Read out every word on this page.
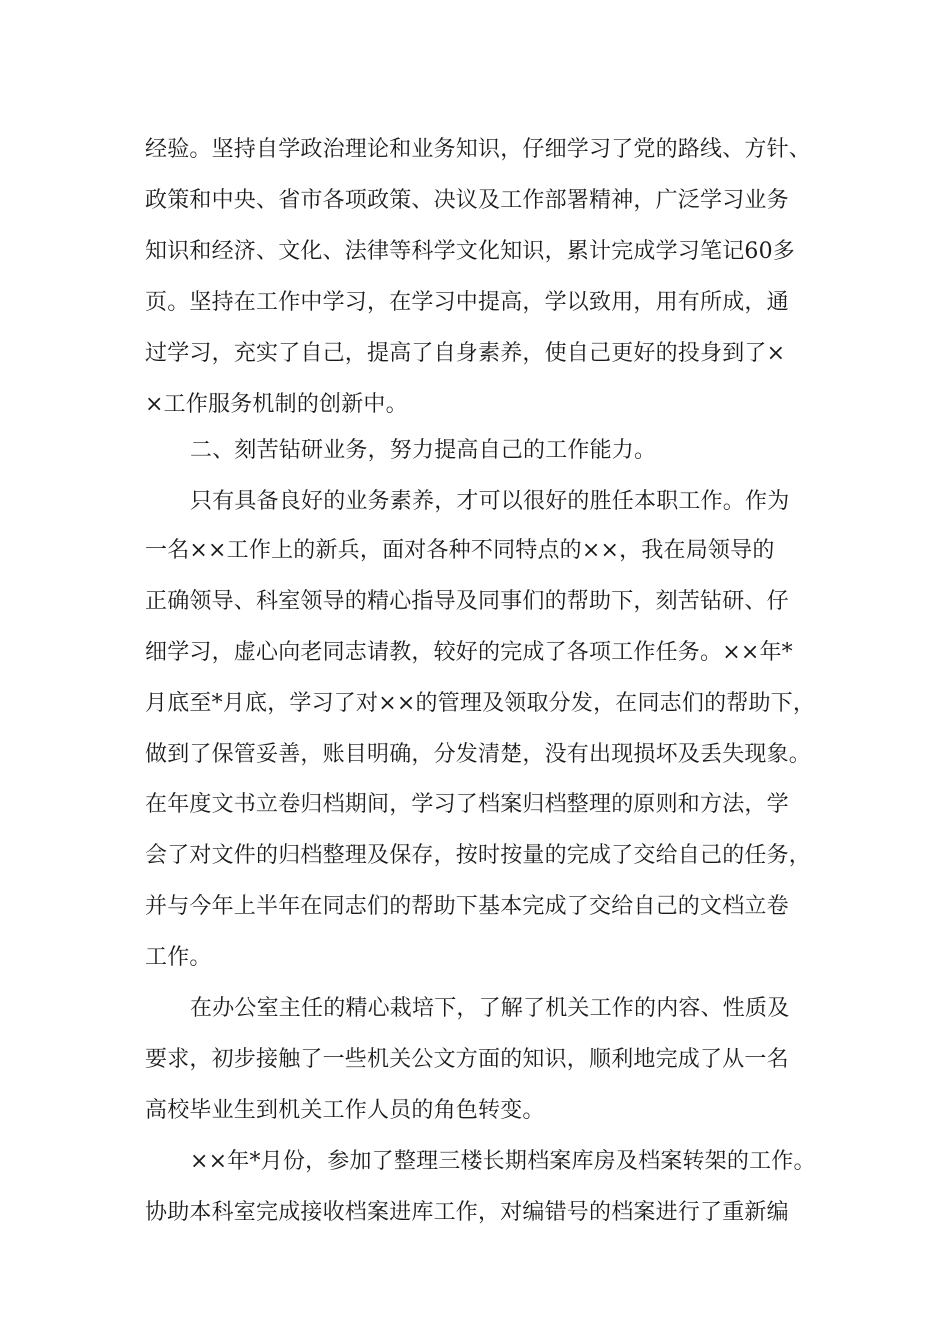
经验。坚持自学政治理论和业务知识，仔细学习了党的路线、方针、
政策和中央、省市各项政策、决议及工作部署精神，广泛学习业务
知识和经济、文化、法律等科学文化知识，累计完成学习笔记60多
页。坚持在工作中学习，在学习中提高，学以致用，用有所成，通
过学习，充实了自己，提高了自身素养，使自己更好的投身到了×
×工作服务机制的创新中。
二、刻苦钻研业务，努力提高自己的工作能力。
只有具备良好的业务素养，才可以很好的胜任本职工作。作为
一名××工作上的新兵，面对各种不同特点的××，我在局领导的
正确领导、科室领导的精心指导及同事们的帮助下，刻苦钻研、仔
细学习，虚心向老同志请教，较好的完成了各项工作任务。××年*
月底至*月底，学习了对××的管理及领取分发，在同志们的帮助下，
做到了保管妥善，账目明确，分发清楚，没有出现损坏及丢失现象。
在年度文书立卷归档期间，学习了档案归档整理的原则和方法，学
会了对文件的归档整理及保存，按时按量的完成了交给自己的任务，
并与今年上半年在同志们的帮助下基本完成了交给自己的文档立卷
工作。
在办公室主任的精心栽培下，了解了机关工作的内容、性质及
要求，初步接触了一些机关公文方面的知识，顺利地完成了从一名
高校毕业生到机关工作人员的角色转变。
××年*月份，参加了整理三楼长期档案库房及档案转架的工作。
协助本科室完成接收档案进库工作，对编错号的档案进行了重新编
